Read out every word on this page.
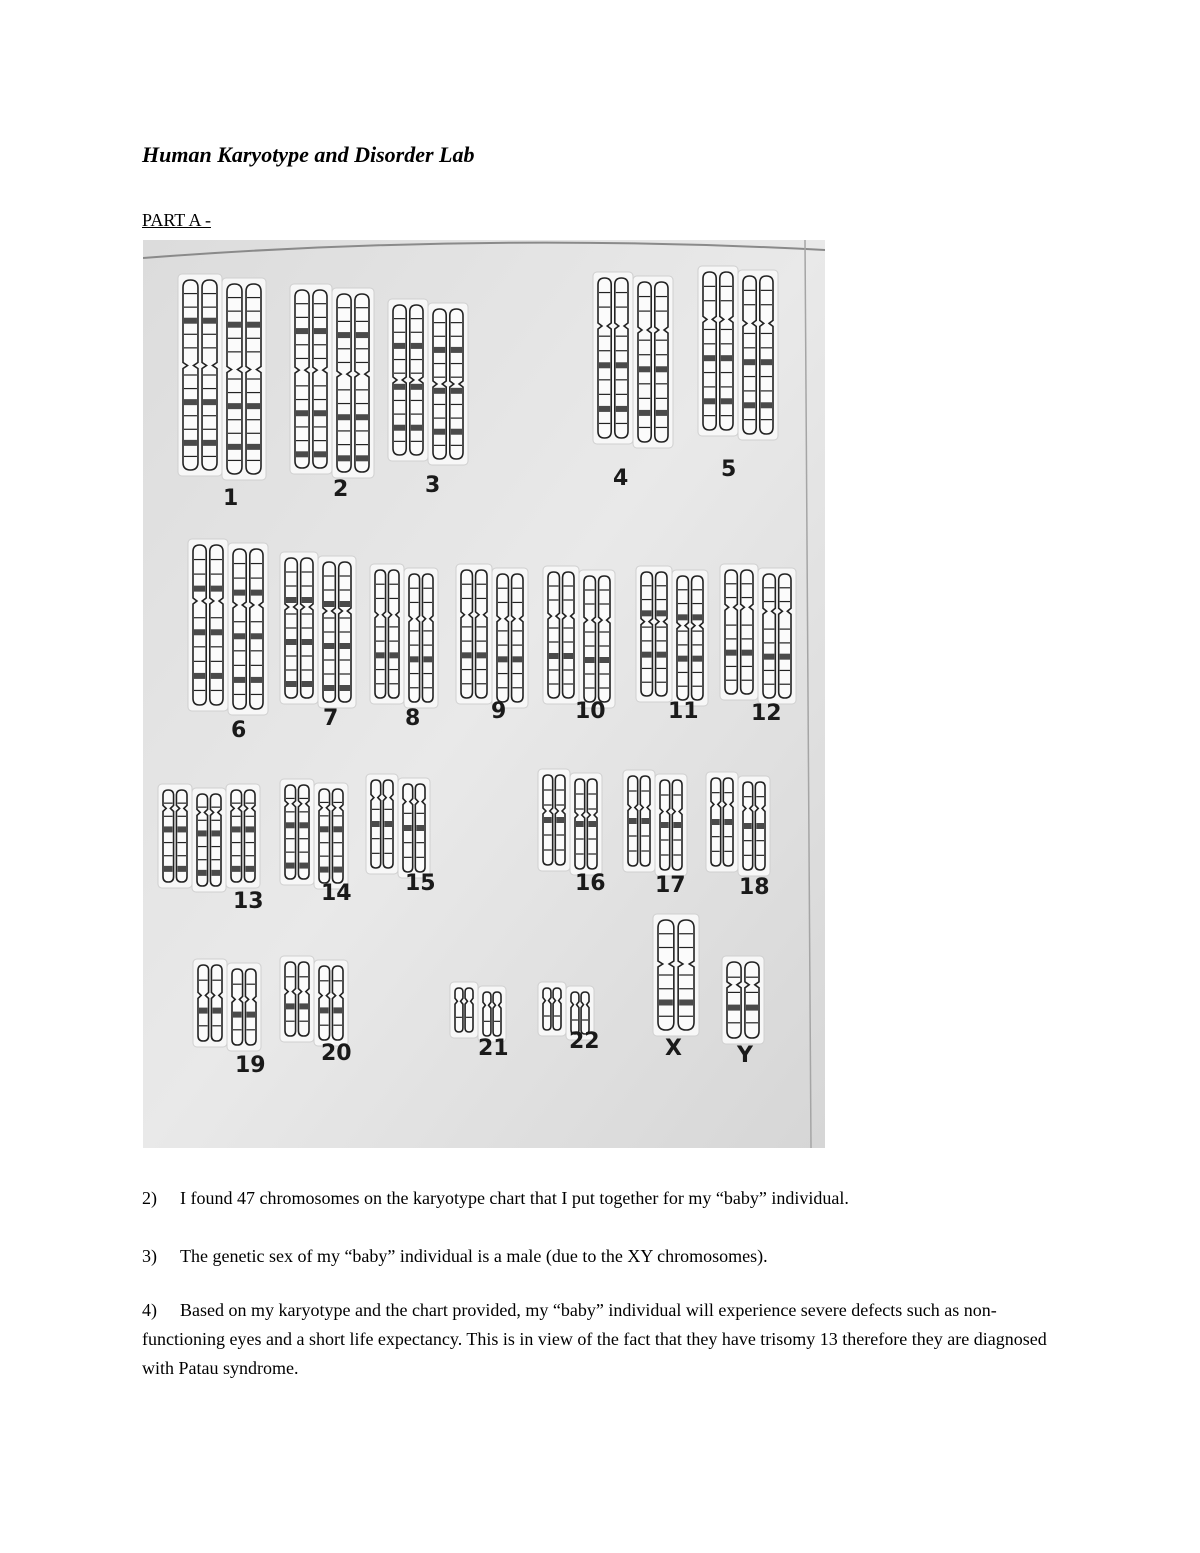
Human Karyotype and Disorder Lab
PART A -
1	2	3	4	5
6	7	8	9	10	11 12
13	14 15	16 17 18
19	20	21	22	X	Y
2) I found 47 chromosomes on the karyotype chart that I put together for my “baby” individual.
3) The genetic sex of my “baby” individual is a male (due to the XY chromosomes).
4) Based on my karyotype and the chart provided, my “baby” individual will experience severe defects such as non-functioning eyes and a short life expectancy. This is in view of the fact that they have trisomy 13 therefore they are diagnosed with Patau syndrome.
